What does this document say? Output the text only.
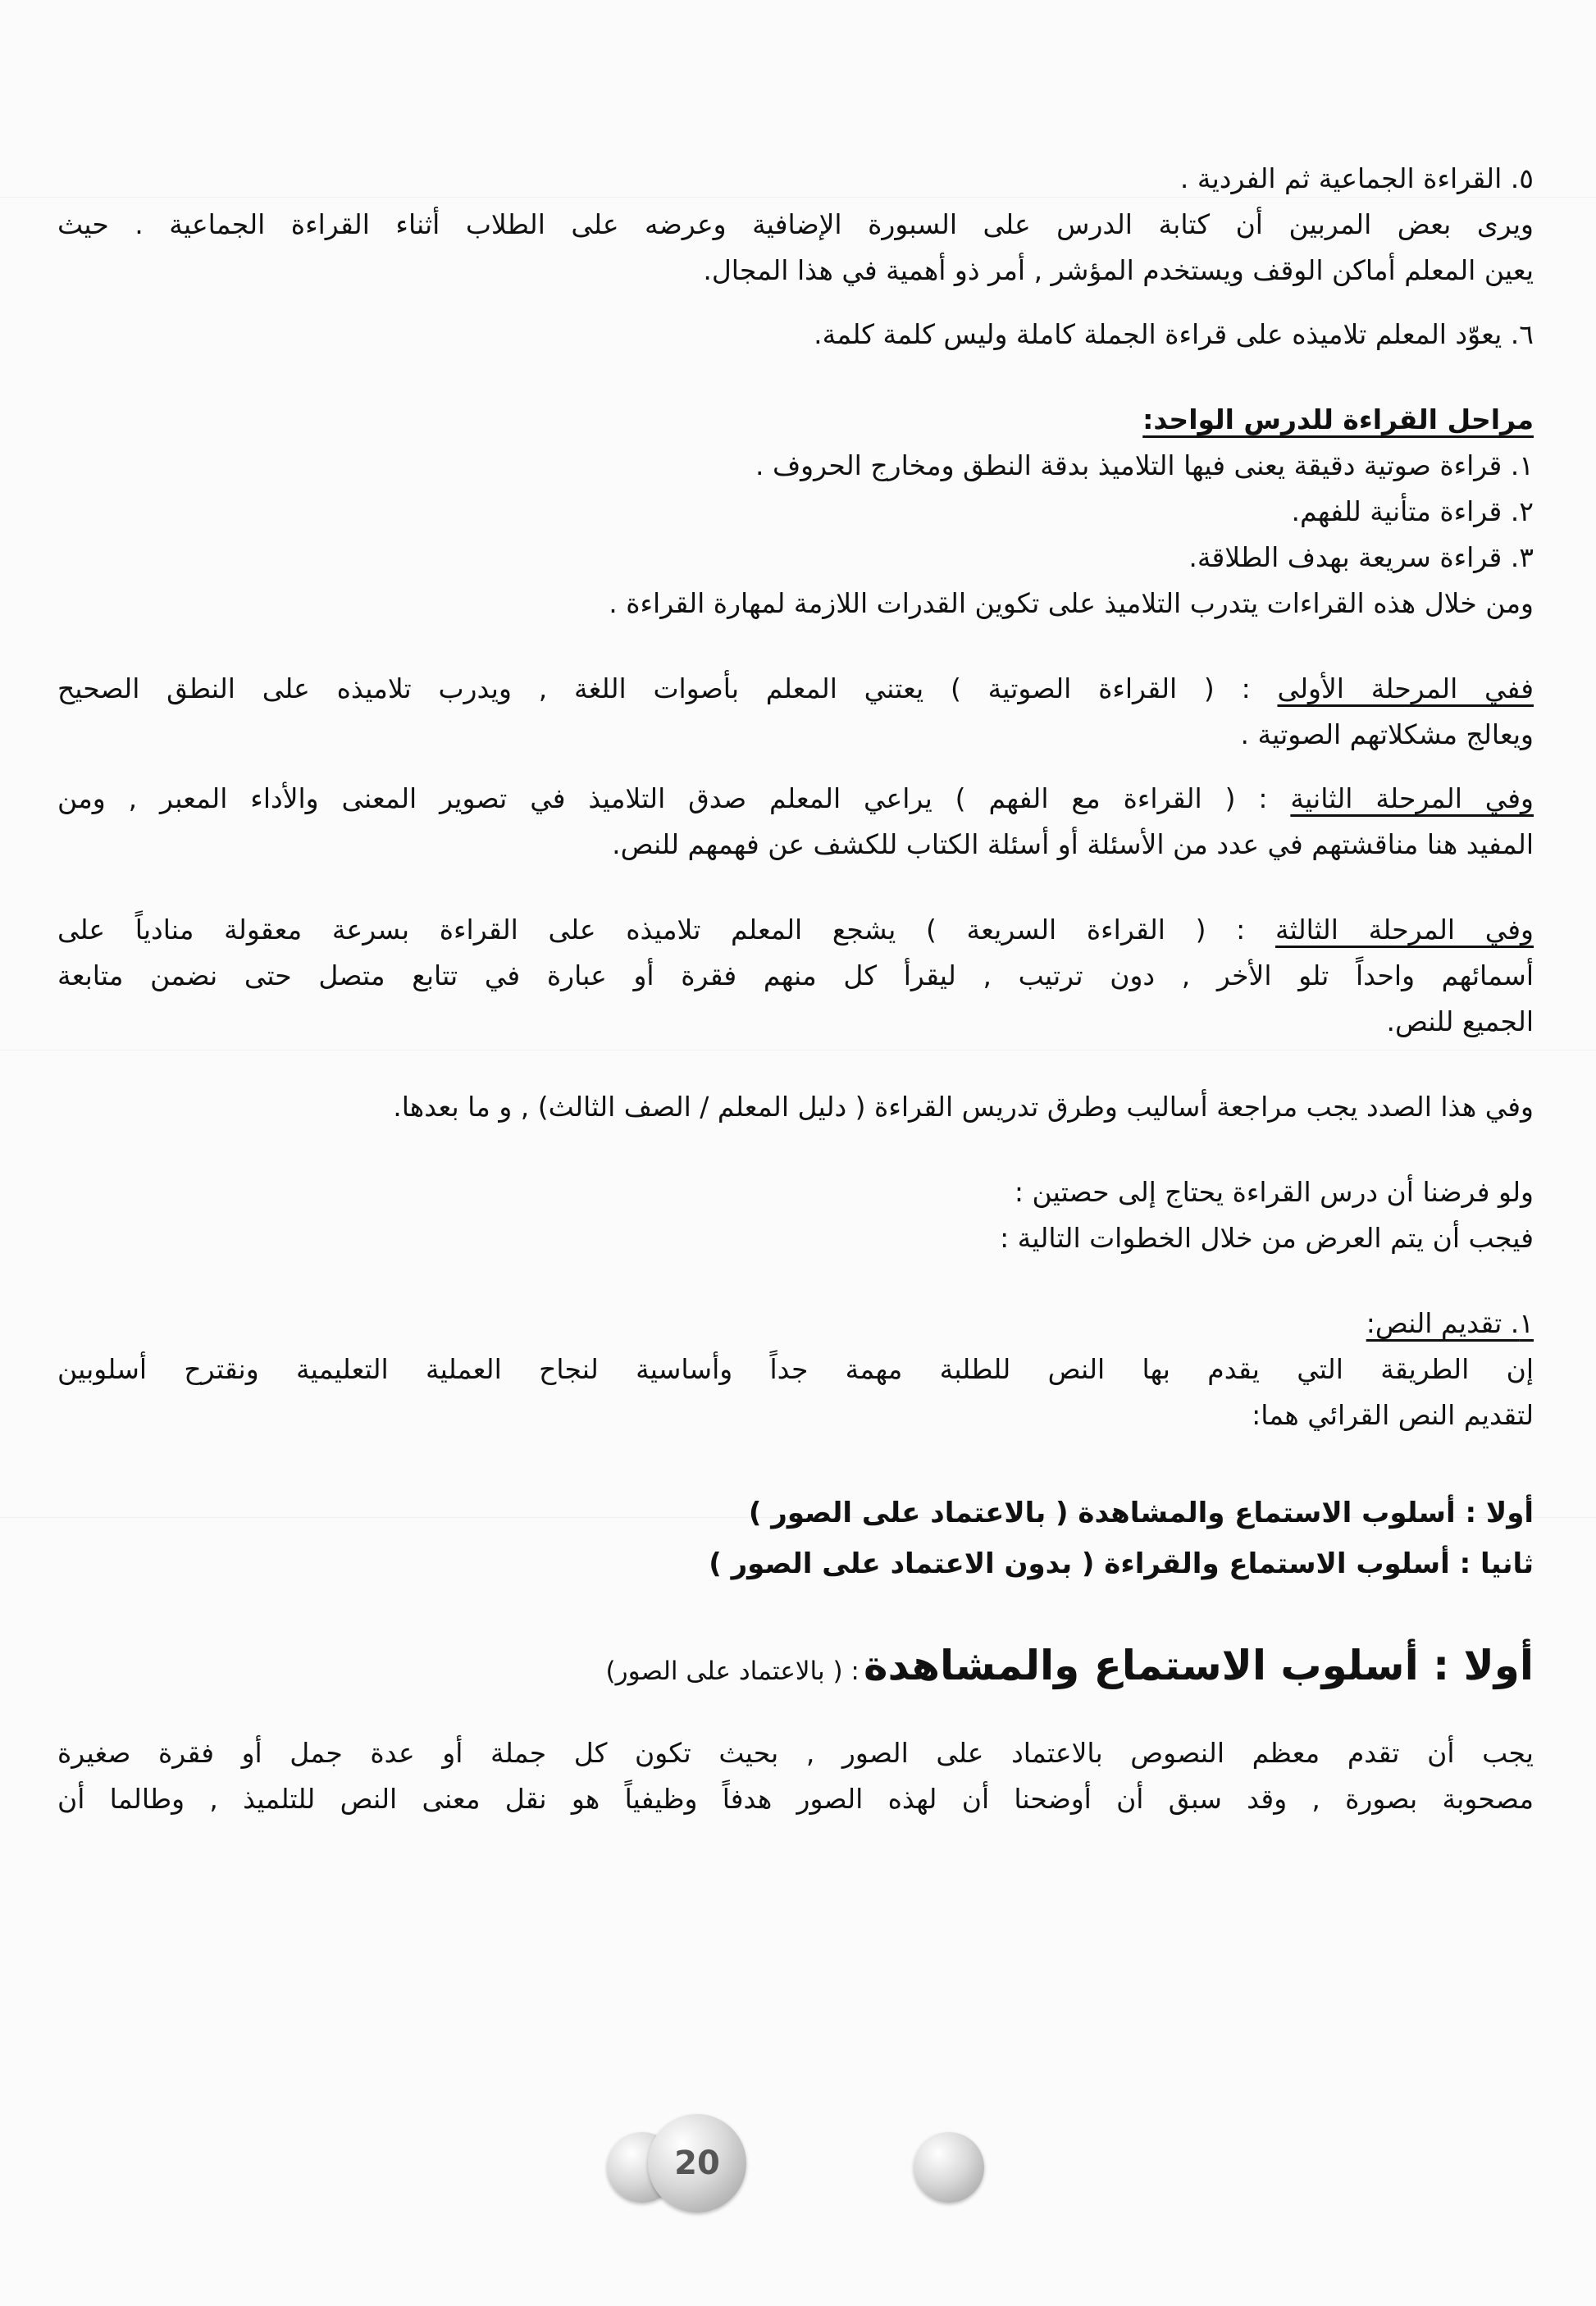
٥. القراءة الجماعية ثم الفردية .

ويرى بعض المربين أن كتابة الدرس على السبورة الإضافية وعرضه على الطلاب أثناء القراءة الجماعية . حيث

يعين المعلم أماكن الوقف ويستخدم المؤشر , أمر ذو أهمية في هذا المجال.

٦. يعوّد المعلم تلاميذه على قراءة الجملة كاملة وليس كلمة كلمة.

مراحل القراءة للدرس الواحد:

١. قراءة صوتية دقيقة يعنى فيها التلاميذ بدقة النطق ومخارج الحروف .

٢. قراءة متأنية للفهم.

٣. قراءة سريعة بهدف الطلاقة.

ومن خلال هذه القراءات يتدرب التلاميذ على تكوين القدرات اللازمة لمهارة القراءة .

ففي المرحلة الأولى : ( القراءة الصوتية ) يعتني المعلم بأصوات اللغة , ويدرب تلاميذه على النطق الصحيح

ويعالج مشكلاتهم الصوتية .

وفي المرحلة الثانية : ( القراءة مع الفهم ) يراعي المعلم صدق التلاميذ في تصوير المعنى والأداء المعبر , ومن

المفيد هنا مناقشتهم في عدد من الأسئلة أو أسئلة الكتاب للكشف عن فهمهم للنص.

وفي المرحلة الثالثة : ( القراءة السريعة ) يشجع المعلم تلاميذه على القراءة بسرعة معقولة منادياً على

أسمائهم واحداً تلو الأخر , دون ترتيب , ليقرأ كل منهم فقرة أو عبارة في تتابع متصل حتى نضمن متابعة

الجميع للنص.

وفي هذا الصدد يجب مراجعة أساليب وطرق تدريس القراءة ( دليل المعلم / الصف الثالث) , و ما بعدها.

ولو فرضنا أن درس القراءة يحتاج إلى حصتين :

فيجب أن يتم العرض من خلال الخطوات التالية :

١. تقديم النص:

إن الطريقة التي يقدم بها النص للطلبة مهمة جداً وأساسية لنجاح العملية التعليمية ونقترح أسلوبين

لتقديم النص القرائي هما:

أولا : أسلوب الاستماع والمشاهدة ( بالاعتماد على الصور )

ثانيا : أسلوب الاستماع والقراءة ( بدون الاعتماد على الصور )

أولا : أسلوب الاستماع والمشاهدة : ( بالاعتماد على الصور)

يجب أن تقدم معظم النصوص بالاعتماد على الصور , بحيث تكون كل جملة أو عدة جمل أو فقرة صغيرة

مصحوبة بصورة , وقد سبق أن أوضحنا أن لهذه الصور هدفاً وظيفياً هو نقل معنى النص للتلميذ , وطالما أن

20
